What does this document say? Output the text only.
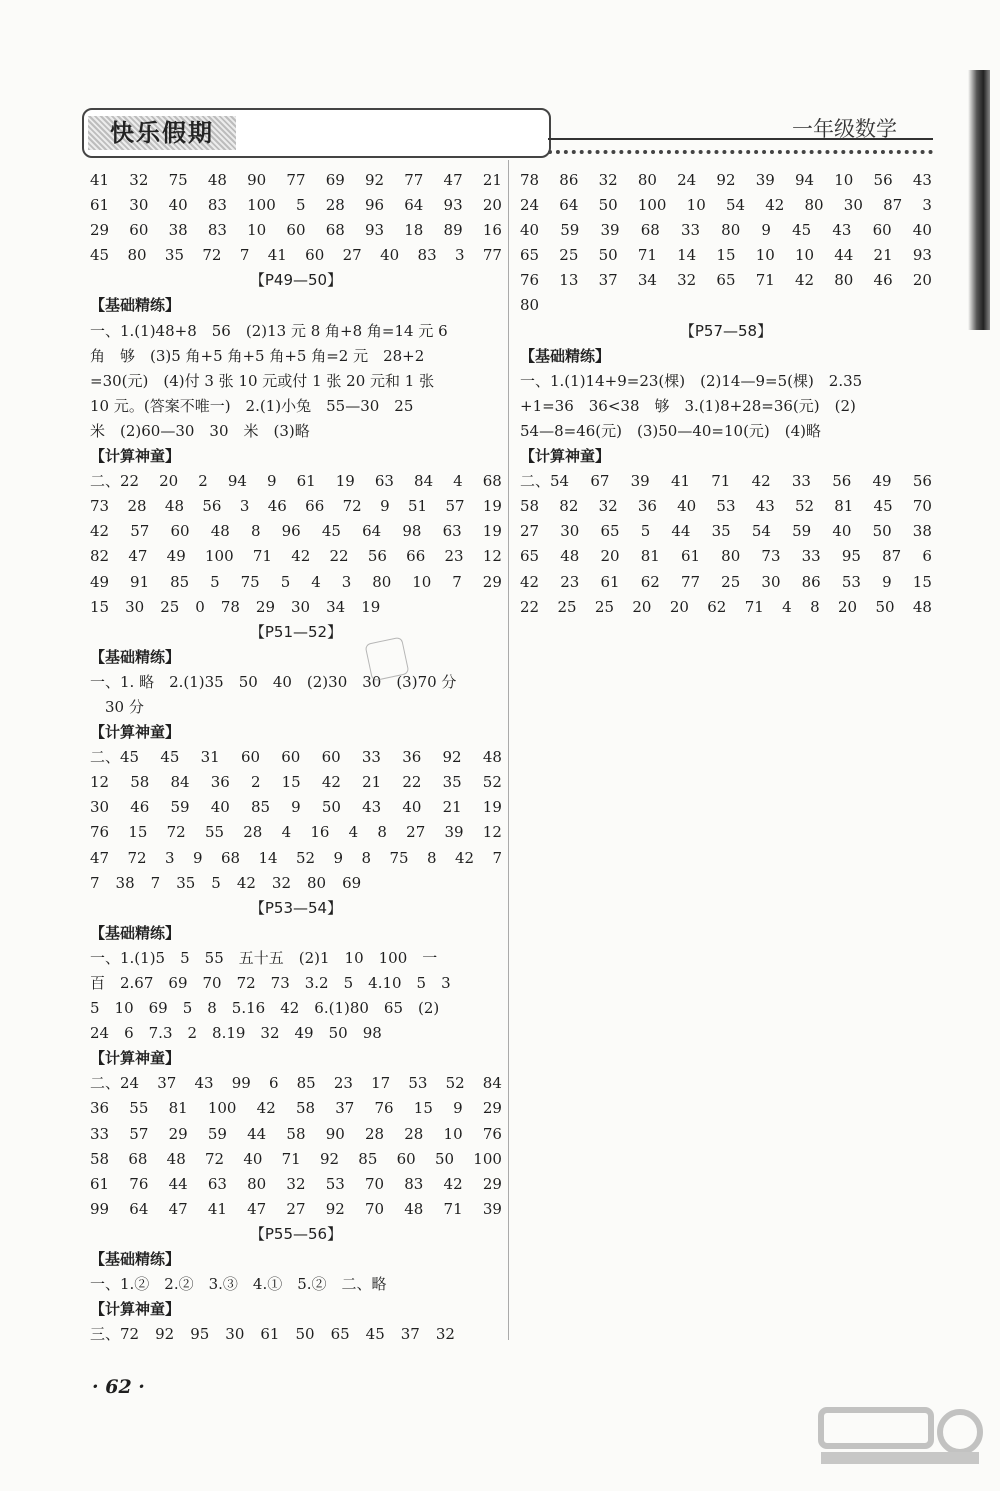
快乐假期	一年级数学
41 32 75 48 90 77 69 92 77 47 21
61 30 40 83 100 5 28 96 64 93 20
29 60 38 83 10 60 68 93 18 89 16
45 80 35 72 7 41 60 27 40 83 3 77
【P49—50】
【基础精练】
一、1.(1)48+8　56　(2)13 元 8 角+8 角=14 元 6
角　够　(3)5 角+5 角+5 角+5 角=2 元　28+2
=30(元)　(4)付 3 张 10 元或付 1 张 20 元和 1 张
10 元。(答案不唯一)　2.(1)小兔　55—30　25
米　(2)60—30　30　米　(3)略
【计算神童】
二、22 20 2 94 9 61 19 63 84 4 68
73 28 48 56 3 46 66 72 9 51 57 19
42 57 60 48 8 96 45 64 98 63 19
82 47 49 100 71 42 22 56 66 23 12
49 91 85 5 75 5 4 3 80 10 7 29
15 30 25 0 78 29 30 34 19
【P51—52】
【基础精练】
一、1. 略　2.(1)35　50　40　(2)30　30　(3)70 分
　30 分
【计算神童】
二、45 45 31 60 60 60 33 36 92 48
12 58 84 36 2 15 42 21 22 35 52
30 46 59 40 85 9 50 43 40 21 19
76 15 72 55 28 4 16 4 8 27 39 12
47 72 3 9 68 14 52 9 8 75 8 42 7
7 38 7 35 5 42 32 80 69
【P53—54】
【基础精练】
一、1.(1)5　5　55　五十五　(2)1　10　100　一
百　2.67　69　70　72　73　3.2　5　4.10　5　3
5　10　69　5　8　5.16　42　6.(1)80　65　(2)
24　6　7.3　2　8.19　32　49　50　98
【计算神童】
二、24 37 43 99 6 85 23 17 53 52 84
36 55 81 100 42 58 37 76 15 9 29
33 57 29 59 44 58 90 28 28 10 76
58 68 48 72 40 71 92 85 60 50 100
61 76 44 63 80 32 53 70 83 42 29
99 64 47 41 47 27 92 70 48 71 39
【P55—56】
【基础精练】
一、1.②　2.②　3.③　4.①　5.②　二、略
【计算神童】
三、72 92 95 30 61 50 65 45 37 32
78 86 32 80 24 92 39 94 10 56 43
24 64 50 100 10 54 42 80 30 87 3
40 59 39 68 33 80 9 45 43 60 40
65 25 50 71 14 15 10 10 44 21 93
76 13 37 34 32 65 71 42 80 46 20
80
【P57—58】
【基础精练】
一、1.(1)14+9=23(棵)　(2)14—9=5(棵)　2.35
+1=36　36<38　够　3.(1)8+28=36(元)　(2)
54—8=46(元)　(3)50—40=10(元)　(4)略
【计算神童】
二、54 67 39 41 71 42 33 56 49 56
58 82 32 36 40 53 43 52 81 45 70
27 30 65 5 44 35 54 59 40 50 38
65 48 20 81 61 80 73 33 95 87 6
42 23 61 62 77 25 30 86 53 9 15
22 25 25 20 20 62 71 4 8 20 50 48
· 62 ·
